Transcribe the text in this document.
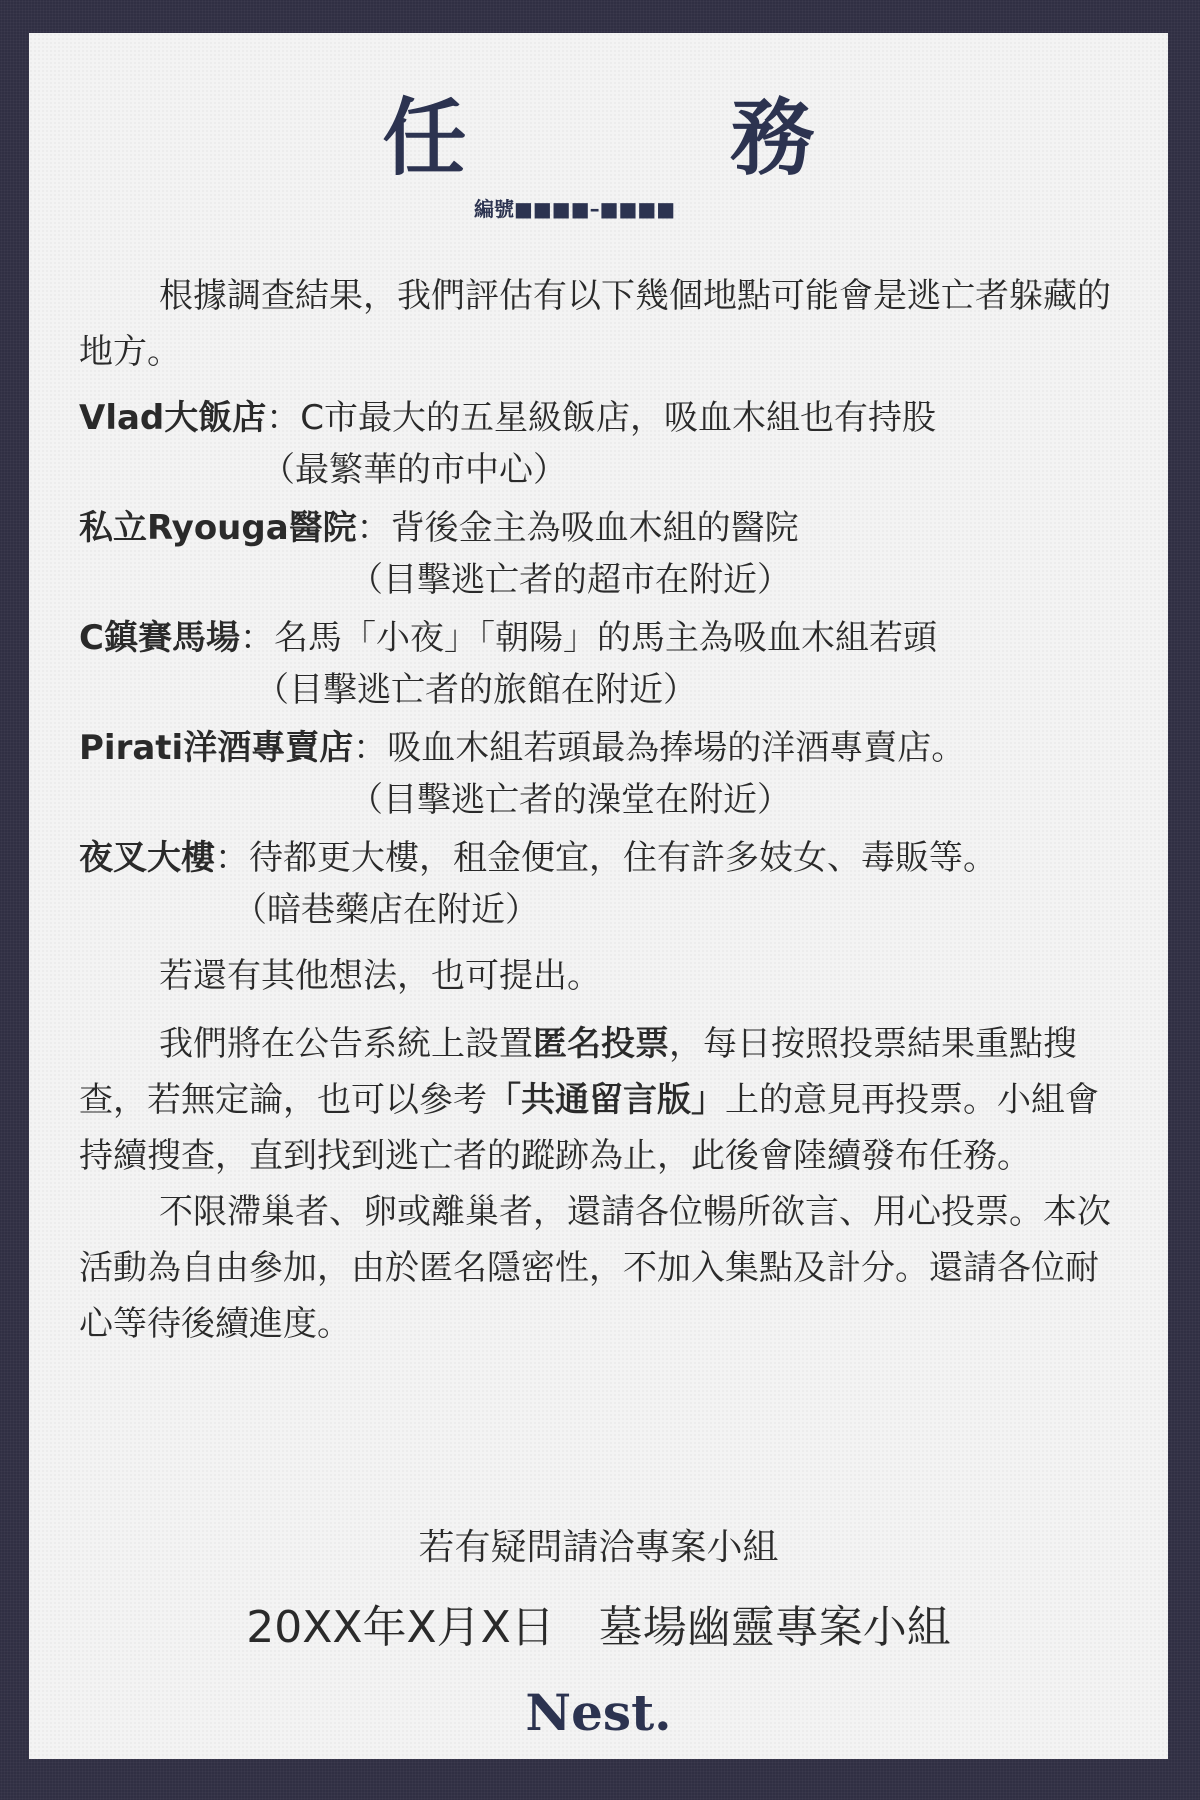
任　務
編號■■■■–■■■■

根據調查結果，我們評估有以下幾個地點可能會是逃亡者躲藏的地方。

Vlad大飯店：C市最大的五星級飯店，吸血木組也有持股
（最繁華的市中心）
私立Ryouga醫院：背後金主為吸血木組的醫院
（目擊逃亡者的超市在附近）
C鎮賽馬場：名馬「小夜」「朝陽」的馬主為吸血木組若頭
（目擊逃亡者的旅館在附近）
Pirati洋酒專賣店：吸血木組若頭最為捧場的洋酒專賣店。
（目擊逃亡者的澡堂在附近）
夜叉大樓：待都更大樓，租金便宜，住有許多妓女、毒販等。
（暗巷藥店在附近）

若還有其他想法，也可提出。

我們將在公告系統上設置匿名投票，每日按照投票結果重點搜查，若無定論，也可以參考「共通留言版」上的意見再投票。小組會持續搜查，直到找到逃亡者的蹤跡為止，此後會陸續發布任務。

不限滯巢者、卵或離巢者，還請各位暢所欲言、用心投票。本次活動為自由參加，由於匿名隱密性，不加入集點及計分。還請各位耐心等待後續進度。

若有疑問請洽專案小組
20XX年X月X日　墓場幽靈專案小組
Nest.
